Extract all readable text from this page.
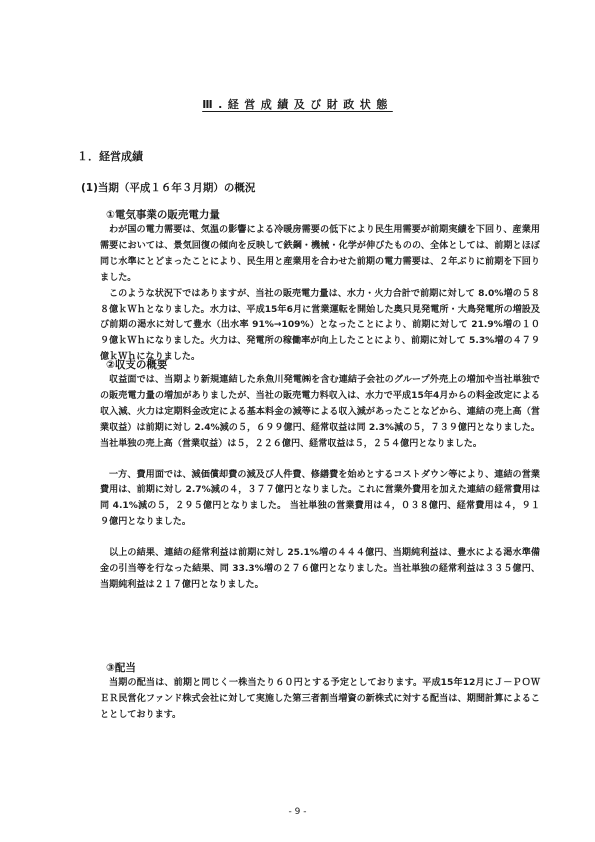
Ⅲ.経営成績及び財政状態
１．経営成績
(1)当期（平成１６年３月期）の概況

①電気事業の販売電力量

わが国の電力需要は、気温の影響による冷暖房需要の低下により民生用需要が前期実績を下回り、産業用需要においては、景気回復の傾向を反映して鉄鋼・機械・化学が伸びたものの、全体としては、前期とほぼ同じ水準にとどまったことにより、民生用と産業用を合わせた前期の電力需要は、２年ぶりに前期を下回りました。

このような状況下ではありますが、当社の販売電力量は、水力・火力合計で前期に対して 8.0%増の５８８億ｋＷｈとなりました。水力は、平成15年6月に営業運転を開始した奥只見発電所・大鳥発電所の増設及び前期の渇水に対して豊水（出水率 91%→109%）となったことにより、前期に対して 21.9%増の１０９億ｋＷｈになりました。火力は、発電所の稼働率が向上したことにより、前期に対して 5.3%増の４７９億ｋＷｈになりました。

②収支の概要

収益面では、当期より新規連結した糸魚川発電㈱を含む連結子会社のグループ外売上の増加や当社単独での販売電力量の増加がありましたが、当社の販売電力料収入は、水力で平成15年4月からの料金改定による収入減、火力は定期料金改定による基本料金の減等による収入減があったことなどから、連結の売上高（営業収益）は前期に対し 2.4%減の５，６９９億円、経常収益は同 2.3%減の５，７３９億円となりました。当社単独の売上高（営業収益）は５，２２６億円、経常収益は５，２５４億円となりました。

一方、費用面では、減価償却費の減及び人件費、修繕費を始めとするコストダウン等により、連結の営業費用は、前期に対し 2.7%減の４，３７７億円となりました。これに営業外費用を加えた連結の経常費用は同 4.1%減の５，２９５億円となりました。 当社単独の営業費用は４，０３８億円、経常費用は４，９１９億円となりました。

以上の結果、連結の経常利益は前期に対し 25.1%増の４４４億円、当期純利益は、豊水による渇水準備金の引当等を行なった結果、同 33.3%増の２７６億円となりました。当社単独の経常利益は３３５億円、当期純利益は２１７億円となりました。

③配当

当期の配当は、前期と同じく一株当たり６０円とする予定としております。平成15年12月にＪ－ＰＯＷＥＲ民営化ファンド株式会社に対して実施した第三者割当増資の新株式に対する配当は、期間計算によることとしております。

- 9 -
